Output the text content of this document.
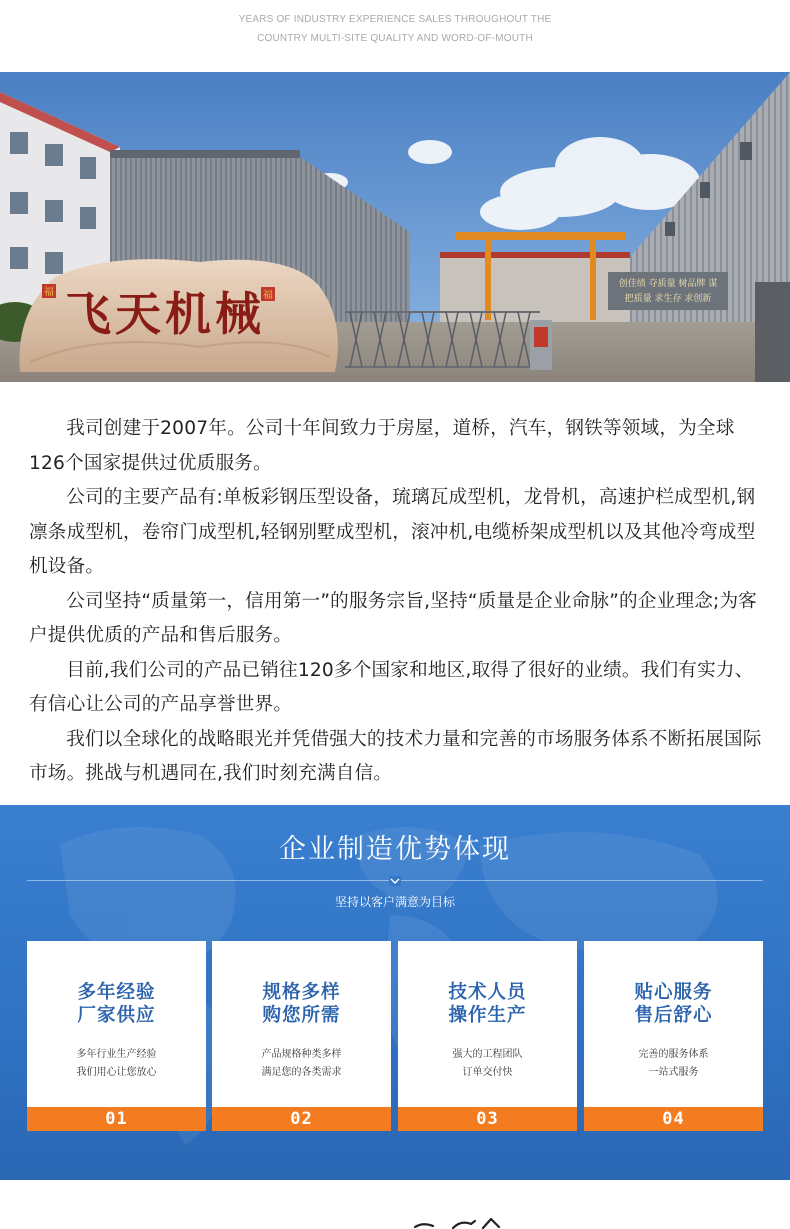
YEARS OF INDUSTRY EXPERIENCE SALES THROUGHOUT THE
COUNTRY MULTI-SITE QUALITY AND WORD-OF-MOUTH
创佳绩 夺质量 树品牌 谋
把质量 求生存 求创新
福	福
飞天机械

我司创建于2007年。公司十年间致力于房屋，道桥，汽车，钢铁等领域，为全球126个国家提供过优质服务。

公司的主要产品有:单板彩钢压型设备，琉璃瓦成型机，龙骨机，高速护栏成型机,钢凛条成型机，卷帘门成型机,轻钢别墅成型机，滚冲机,电缆桥架成型机以及其他冷弯成型机设备。

公司坚持“质量第一，信用第一”的服务宗旨,坚持“质量是企业命脉”的企业理念;为客户提供优质的产品和售后服务。

目前,我们公司的产品已销往120多个国家和地区,取得了很好的业绩。我们有实力、有信心让公司的产品享誉世界。

我们以全球化的战略眼光并凭借强大的技术力量和完善的市场服务体系不断拓展国际市场。挑战与机遇同在,我们时刻充满自信。

企业制造优势体现
坚持以客户满意为目标
多年经验
厂家供应
多年行业生产经验
我们用心让您放心
01
规格多样
购您所需
产品规格种类多样
满足您的各类需求
02
技术人员
操作生产
强大的工程团队
订单交付快
03
贴心服务
售后舒心
完善的服务体系
一站式服务
04
